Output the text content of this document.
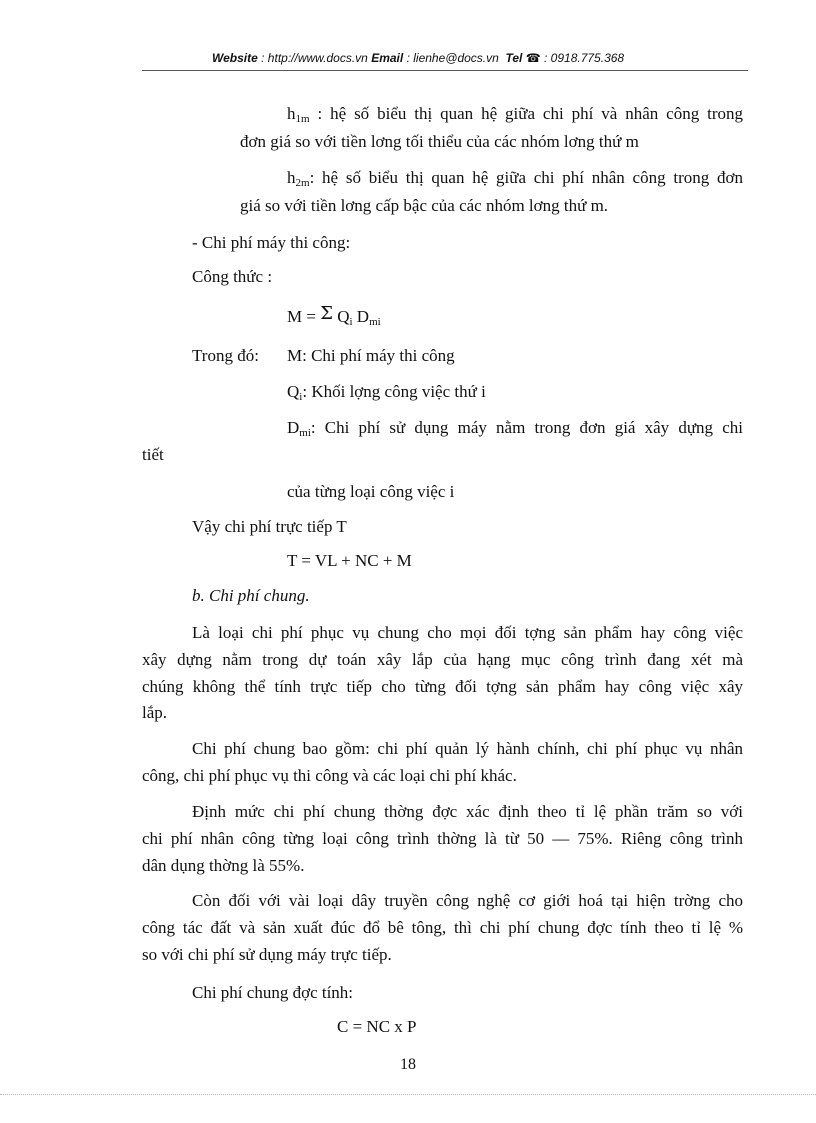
Website : http://www.docs.vn Email : lienhe@docs.vn Tel ☎ : 0918.775.368
$h_{1m}$ : hệ số biểu thị quan hệ giữa chi phí và nhân công trong
đơn giá so với tiền lơng tối thiểu của các nhóm lơng thứ m
$h_{2m}$: hệ số biểu thị quan hệ giữa chi phí nhân công trong đơn
giá so với tiền lơng cấp bậc của các nhóm lơng thứ m.
- Chi phí máy thi công:
Công thức :
M = Σ $Q_i$ $D_{mi}$
Trong đó: M: Chi phí máy thi công
$Q_i$: Khối lợng công việc thứ i
$D_{mi}$: Chi phí sử dụng máy nằm trong đơn giá xây dựng chi
tiết
của từng loại công việc i
Vậy chi phí trực tiếp T
T = VL + NC + M
b. Chi phí chung.
Là loại chi phí phục vụ chung cho mọi đối tợng sản phẩm hay công việc
xây dựng nằm trong dự toán xây lắp của hạng mục công trình đang xét mà
chúng không thể tính trực tiếp cho từng đối tợng sản phẩm hay công việc xây
lắp.
Chi phí chung bao gồm: chi phí quản lý hành chính, chi phí phục vụ nhân
công, chi phí phục vụ thi công và các loại chi phí khác.
Định mức chi phí chung thờng đợc xác định theo tỉ lệ phần trăm so với
chi phí nhân công từng loại công trình thờng là từ 50 — 75%. Riêng công trình
dân dụng thờng là 55%.
Còn đối với vài loại dây truyền công nghệ cơ giới hoá tại hiện trờng cho
công tác đất và sản xuất đúc đổ bê tông, thì chi phí chung đợc tính theo tỉ lệ %
so với chi phí sử dụng máy trực tiếp.
Chi phí chung đợc tính:
C = NC x P
18
